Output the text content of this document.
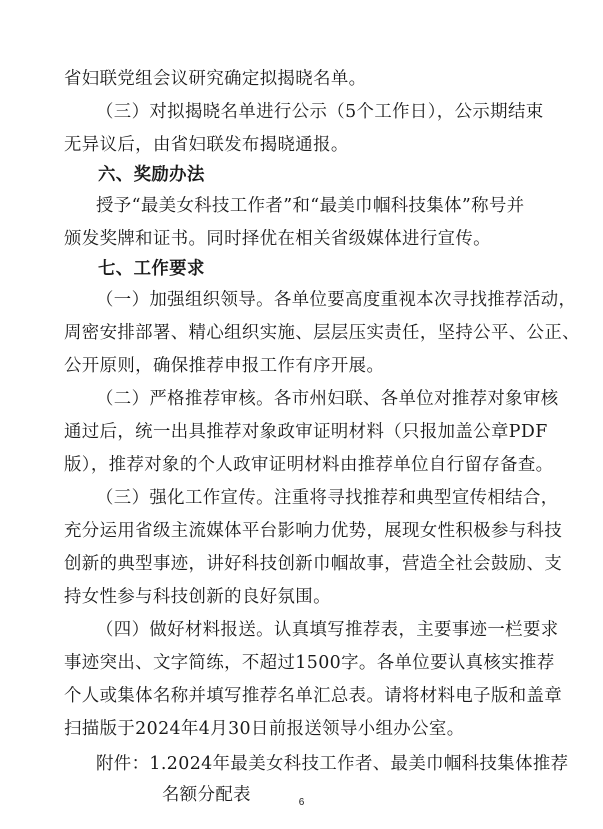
省妇联党组会议研究确定拟揭晓名单。
（三）对拟揭晓名单进行公示（5个工作日），公示期结束
无异议后，由省妇联发布揭晓通报。
六、奖励办法
授予“最美女科技工作者”和“最美巾帼科技集体”称号并
颁发奖牌和证书。同时择优在相关省级媒体进行宣传。
七、工作要求
（一）加强组织领导。各单位要高度重视本次寻找推荐活动，
周密安排部署、精心组织实施、层层压实责任，坚持公平、公正、
公开原则，确保推荐申报工作有序开展。
（二）严格推荐审核。各市州妇联、各单位对推荐对象审核
通过后，统一出具推荐对象政审证明材料（只报加盖公章PDF
版），推荐对象的个人政审证明材料由推荐单位自行留存备查。
（三）强化工作宣传。注重将寻找推荐和典型宣传相结合，
充分运用省级主流媒体平台影响力优势，展现女性积极参与科技
创新的典型事迹，讲好科技创新巾帼故事，营造全社会鼓励、支
持女性参与科技创新的良好氛围。
（四）做好材料报送。认真填写推荐表，主要事迹一栏要求
事迹突出、文字简练，不超过1500字。各单位要认真核实推荐
个人或集体名称并填写推荐名单汇总表。请将材料电子版和盖章
扫描版于2024年4月30日前报送领导小组办公室。
附件：1.2024年最美女科技工作者、最美巾帼科技集体推荐
名额分配表	6
